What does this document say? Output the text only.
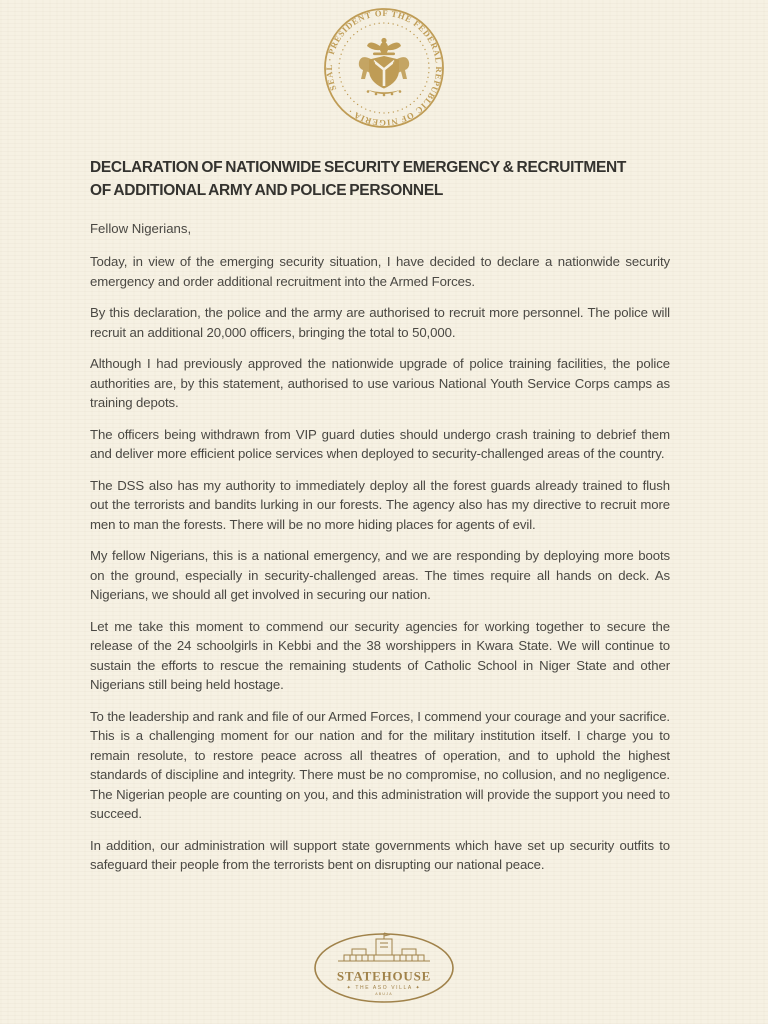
SEAL · PRESIDENT OF THE FEDERAL REPUBLIC OF NIGERIA ·
DECLARATION OF NATIONWIDE SECURITY EMERGENCY & RECRUITMENT
OF ADDITIONAL ARMY AND POLICE PERSONNEL

Fellow Nigerians,

Today, in view of the emerging security situation, I have decided to declare a nationwide security emergency and order additional recruitment into the Armed Forces.

By this declaration, the police and the army are authorised to recruit more personnel. The police will recruit an additional 20,000 officers, bringing the total to 50,000.

Although I had previously approved the nationwide upgrade of police training facilities, the police authorities are, by this statement, authorised to use various National Youth Service Corps camps as training depots.

The officers being withdrawn from VIP guard duties should undergo crash training to debrief them and deliver more efficient police services when deployed to security-challenged areas of the country.

The DSS also has my authority to immediately deploy all the forest guards already trained to flush out the terrorists and bandits lurking in our forests. The agency also has my directive to recruit more men to man the forests. There will be no more hiding places for agents of evil.

My fellow Nigerians, this is a national emergency, and we are responding by deploying more boots on the ground, especially in security-challenged areas. The times require all hands on deck. As Nigerians, we should all get involved in securing our nation.

Let me take this moment to commend our security agencies for working together to secure the release of the 24 schoolgirls in Kebbi and the 38 worshippers in Kwara State. We will continue to sustain the efforts to rescue the remaining students of Catholic School in Niger State and other Nigerians still being held hostage.

To the leadership and rank and file of our Armed Forces, I commend your courage and your sacrifice. This is a challenging moment for our nation and for the military institution itself. I charge you to remain resolute, to restore peace across all theatres of operation, and to uphold the highest standards of discipline and integrity. There must be no compromise, no collusion, and no negligence. The Nigerian people are counting on you, and this administration will provide the support you need to succeed.

In addition, our administration will support state governments which have set up security outfits to safeguard their people from the terrorists bent on disrupting our national peace.

STATEHOUSE
✦ THE ASO VILLA ✦
ABUJA
